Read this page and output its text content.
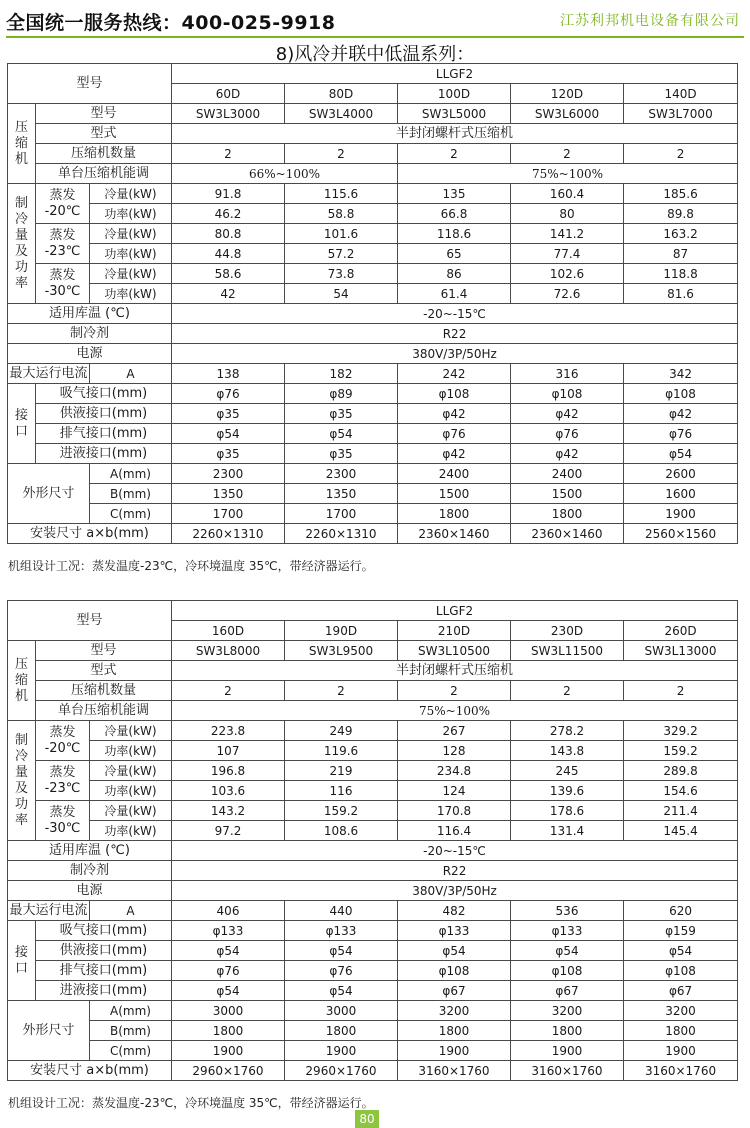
全国统一服务热线：400-025-9918	江苏利邦机电设备有限公司
8)风冷并联中低温系列：
型号			LLGF2				
			60D	80D	100D	120D	140D
压缩机	型号		SW3L3000	SW3L4000	SW3L5000	SW3L6000	SW3L7000
	型式		半封闭螺杆式压缩机				
	压缩机数量		2	2	2	2	2
	单台压缩机能调		66%~100%		75%~100%		
制冷量及功率	蒸发 -20℃	冷量(kW)	91.8	115.6	135	160.4	185.6
		功率(kW)	46.2	58.8	66.8	80	89.8
	蒸发 -23℃	冷量(kW)	80.8	101.6	118.6	141.2	163.2
		功率(kW)	44.8	57.2	65	77.4	87
	蒸发 -30℃	冷量(kW)	58.6	73.8	86	102.6	118.8
		功率(kW)	42	54	61.4	72.6	81.6
适用库温 (℃)			-20~-15℃				
制冷剂			R22				
电源			380V/3P/50Hz				
最大运行电流		A	138	182	242	316	342
接口	吸气接口(mm)		φ76	φ89	φ108	φ108	φ108
	供液接口(mm)		φ35	φ35	φ42	φ42	φ42
	排气接口(mm)		φ54	φ54	φ76	φ76	φ76
	进液接口(mm)		φ35	φ35	φ42	φ42	φ54
外形尺寸		A(mm)	2300	2300	2400	2400	2600
		B(mm)	1350	1350	1500	1500	1600
		C(mm)	1700	1700	1800	1800	1900
安装尺寸 a×b(mm)			2260×1310	2260×1310	2360×1460	2360×1460	2560×1560
机组设计工况：蒸发温度-23℃，冷环境温度 35℃，带经济器运行。
型号			LLGF2				
			160D	190D	210D	230D	260D
压缩机	型号		SW3L8000	SW3L9500	SW3L10500	SW3L11500	SW3L13000
	型式		半封闭螺杆式压缩机				
	压缩机数量		2	2	2	2	2
	单台压缩机能调		75%~100%				
制冷量及功率	蒸发 -20℃	冷量(kW)	223.8	249	267	278.2	329.2
		功率(kW)	107	119.6	128	143.8	159.2
	蒸发 -23℃	冷量(kW)	196.8	219	234.8	245	289.8
		功率(kW)	103.6	116	124	139.6	154.6
	蒸发 -30℃	冷量(kW)	143.2	159.2	170.8	178.6	211.4
		功率(kW)	97.2	108.6	116.4	131.4	145.4
适用库温 (℃)			-20~-15℃				
制冷剂			R22				
电源			380V/3P/50Hz				
最大运行电流		A	406	440	482	536	620
接口	吸气接口(mm)		φ133	φ133	φ133	φ133	φ159
	供液接口(mm)		φ54	φ54	φ54	φ54	φ54
	排气接口(mm)		φ76	φ76	φ108	φ108	φ108
	进液接口(mm)		φ54	φ54	φ67	φ67	φ67
外形尺寸		A(mm)	3000	3000	3200	3200	3200
		B(mm)	1800	1800	1800	1800	1800
		C(mm)	1900	1900	1900	1900	1900
安装尺寸 a×b(mm)			2960×1760	2960×1760	3160×1760	3160×1760	3160×1760
机组设计工况：蒸发温度-23℃，冷环境温度 35℃，带经济器运行。
80
